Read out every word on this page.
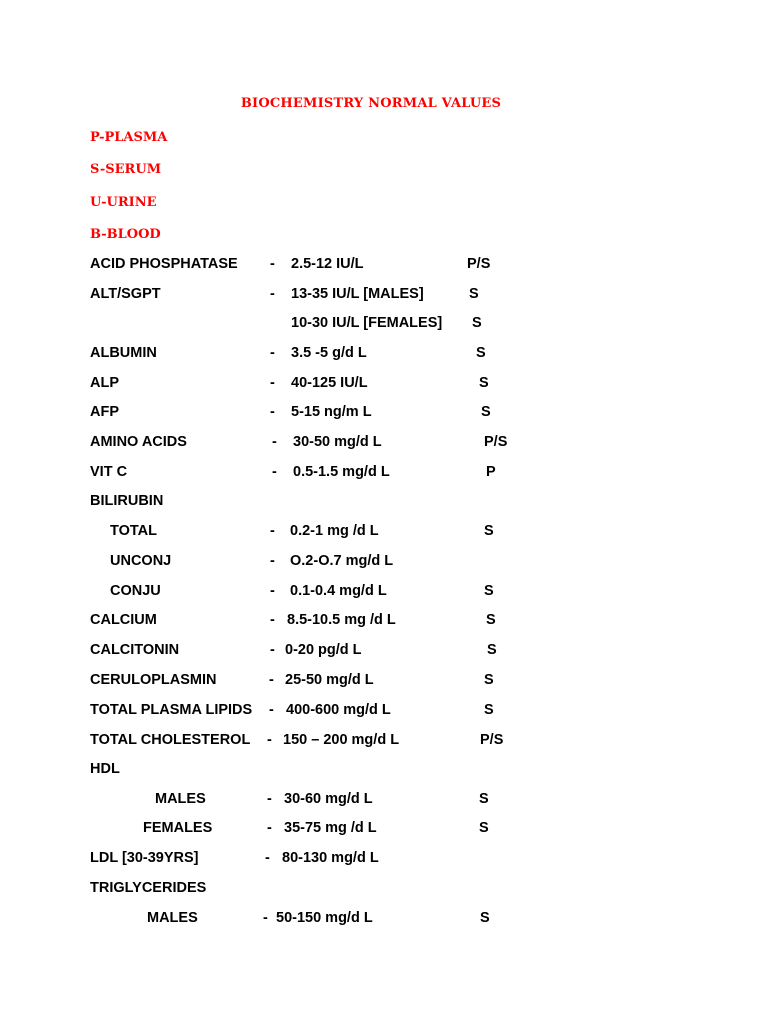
BIOCHEMISTRY NORMAL VALUES
P-PLASMA
S-SERUM
U-URINE
B-BLOOD
ACID PHOSPHATASE - 2.5-12 IU/L	P/S
ALT/SGPT	- 13-35 IU/L [MALES]	S
10-30 IU/L [FEMALES] S
ALBUMIN	- 3.5 -5 g/d L	S
ALP	- 40-125 IU/L	S
AFP	- 5-15 ng/m L	S
AMINO ACIDS	- 30-50 mg/d L	P/S
VIT C	- 0.5-1.5 mg/d L	P
BILIRUBIN
TOTAL	- 0.2-1 mg /d L	S
UNCONJ	- O.2-O.7 mg/d L
CONJU	- 0.1-0.4 mg/d L	S
CALCIUM	- 8.5-10.5 mg /d L	S
CALCITONIN	- 0-20 pg/d L	S
CERULOPLASMIN	- 25-50 mg/d L	S
TOTAL PLASMA LIPIDS - 400-600 mg/d L	S
TOTAL CHOLESTEROL - 150 – 200 mg/d L	P/S
HDL
MALES	- 30-60 mg/d L	S
FEMALES	- 35-75 mg /d L	S
LDL [30-39YRS]	- 80-130 mg/d L
TRIGLYCERIDES
MALES	- 50-150 mg/d L	S
